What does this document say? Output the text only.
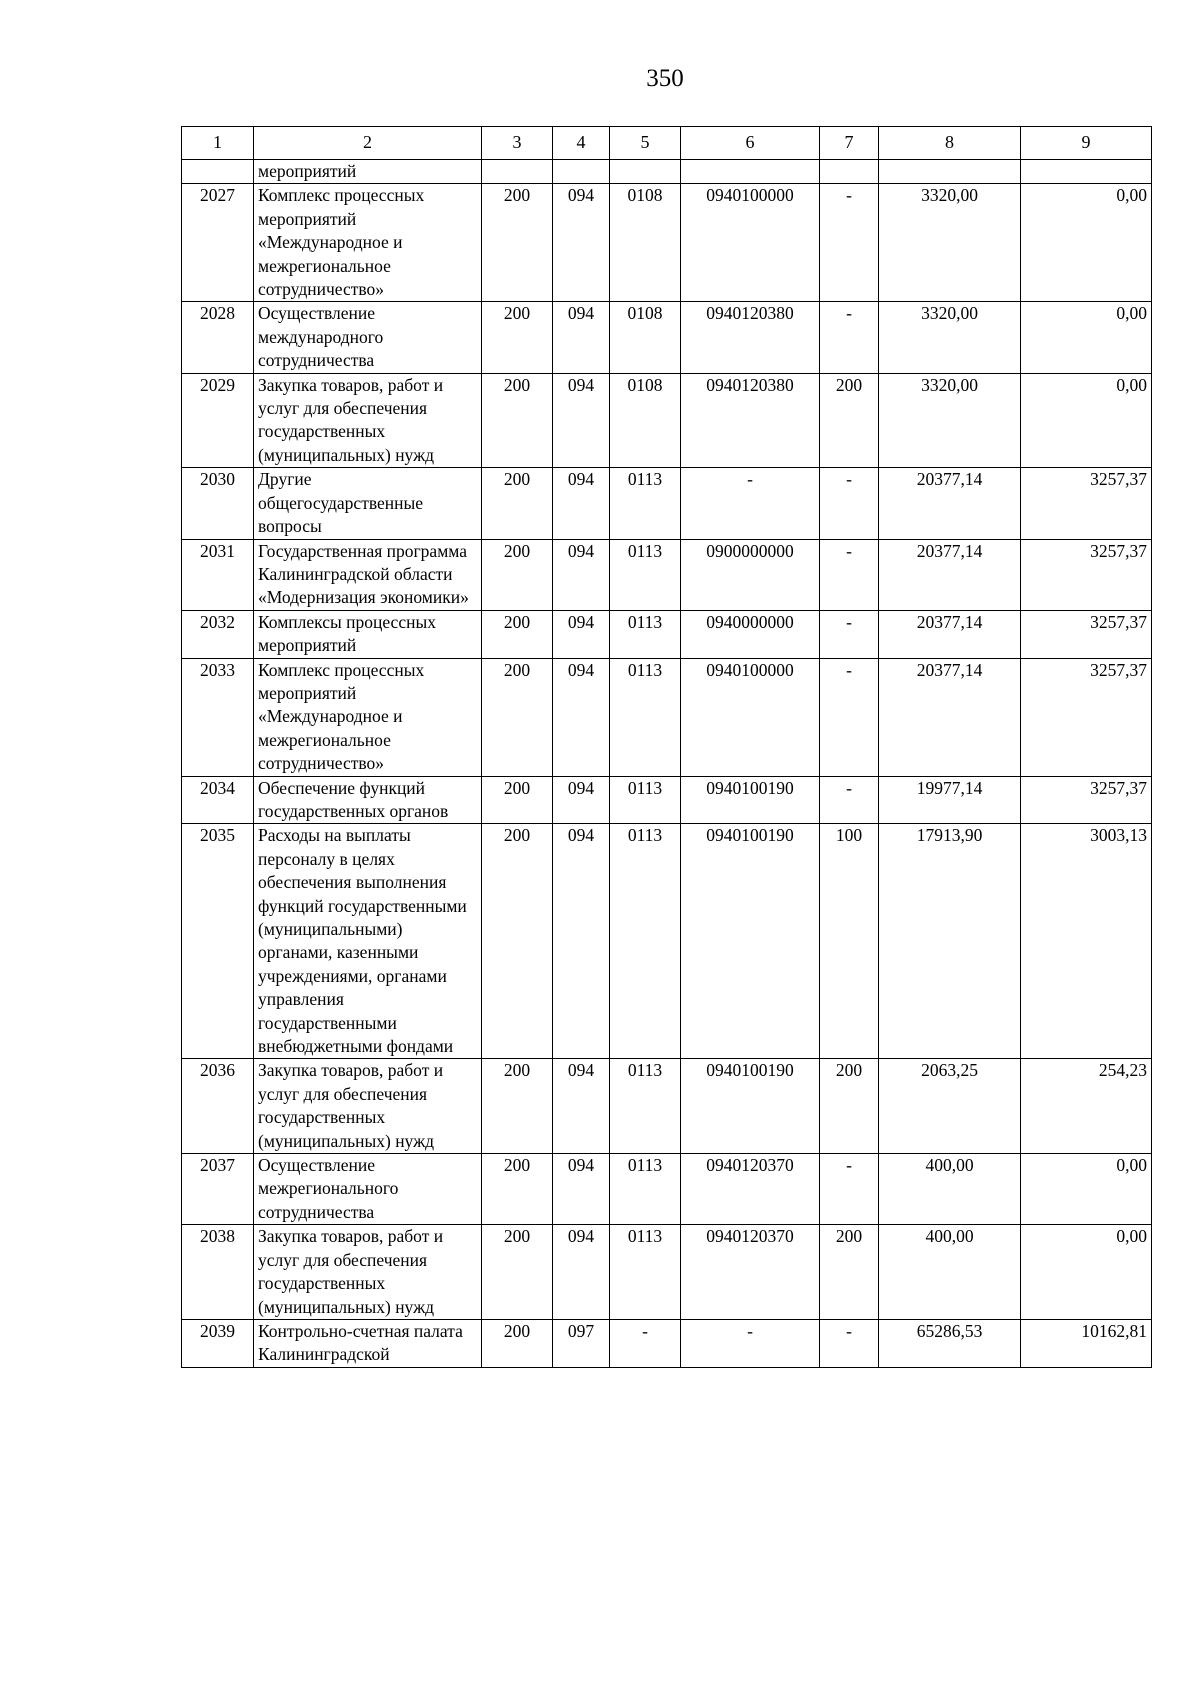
350
1	2	3	4	5	6	7	8	9
	мероприятий							
2027	Комплекс процессных мероприятий «Международное и межрегиональное сотрудничество»	200	094	0108	0940100000	-	3320,00	0,00
2028	Осуществление международного сотрудничества	200	094	0108	0940120380	-	3320,00	0,00
2029	Закупка товаров, работ и услуг для обеспечения государственных (муниципальных) нужд	200	094	0108	0940120380	200	3320,00	0,00
2030	Другие общегосударственные вопросы	200	094	0113	-	-	20377,14	3257,37
2031	Государственная программа Калининградской области «Модернизация экономики»	200	094	0113	0900000000	-	20377,14	3257,37
2032	Комплексы процессных мероприятий	200	094	0113	0940000000	-	20377,14	3257,37
2033	Комплекс процессных мероприятий «Международное и межрегиональное сотрудничество»	200	094	0113	0940100000	-	20377,14	3257,37
2034	Обеспечение функций государственных органов	200	094	0113	0940100190	-	19977,14	3257,37
2035	Расходы на выплаты персоналу в целях обеспечения выполнения функций государственными (муниципальными) органами, казенными учреждениями, органами управления государственными внебюджетными фондами	200	094	0113	0940100190	100	17913,90	3003,13
2036	Закупка товаров, работ и услуг для обеспечения государственных (муниципальных) нужд	200	094	0113	0940100190	200	2063,25	254,23
2037	Осуществление межрегионального сотрудничества	200	094	0113	0940120370	-	400,00	0,00
2038	Закупка товаров, работ и услуг для обеспечения государственных (муниципальных) нужд	200	094	0113	0940120370	200	400,00	0,00
2039	Контрольно-счетная палата Калининградской	200	097	-	-	-	65286,53	10162,81
